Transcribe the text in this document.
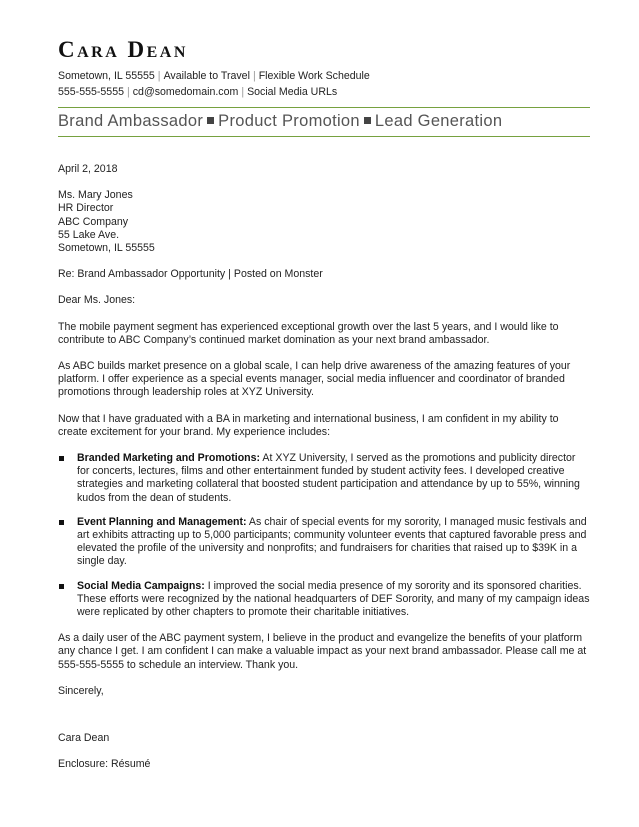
Cara Dean
Sometown, IL 55555 | Available to Travel | Flexible Work Schedule
555-555-5555 | cd@somedomain.com | Social Media URLs
Brand Ambassador Product Promotion Lead Generation

April 2, 2018

Ms. Mary Jones

HR Director

ABC Company

55 Lake Ave.

Sometown, IL 55555

Re: Brand Ambassador Opportunity | Posted on Monster

Dear Ms. Jones:

The mobile payment segment has experienced exceptional growth over the last 5 years, and I would like to contribute to ABC Company’s continued market domination as your next brand ambassador.

As ABC builds market presence on a global scale, I can help drive awareness of the amazing features of your platform. I offer experience as a special events manager, social media influencer and coordinator of branded promotions through leadership roles at XYZ University.

Now that I have graduated with a BA in marketing and international business, I am confident in my ability to create excitement for your brand. My experience includes:

Branded Marketing and Promotions: At XYZ University, I served as the promotions and publicity director for concerts, lectures, films and other entertainment funded by student activity fees. I developed creative strategies and marketing collateral that boosted student participation and attendance by up to 55%, winning kudos from the dean of students.
Event Planning and Management: As chair of special events for my sorority, I managed music festivals and art exhibits attracting up to 5,000 participants; community volunteer events that captured favorable press and elevated the profile of the university and nonprofits; and fundraisers for charities that raised up to $39K in a single day.
Social Media Campaigns: I improved the social media presence of my sorority and its sponsored charities. These efforts were recognized by the national headquarters of DEF Sorority, and many of my campaign ideas were replicated by other chapters to promote their charitable initiatives.

As a daily user of the ABC payment system, I believe in the product and evangelize the benefits of your platform any chance I get. I am confident I can make a valuable impact as your next brand ambassador. Please call me at 555-555-5555 to schedule an interview. Thank you.

Sincerely,

Cara Dean

Enclosure: Résumé
